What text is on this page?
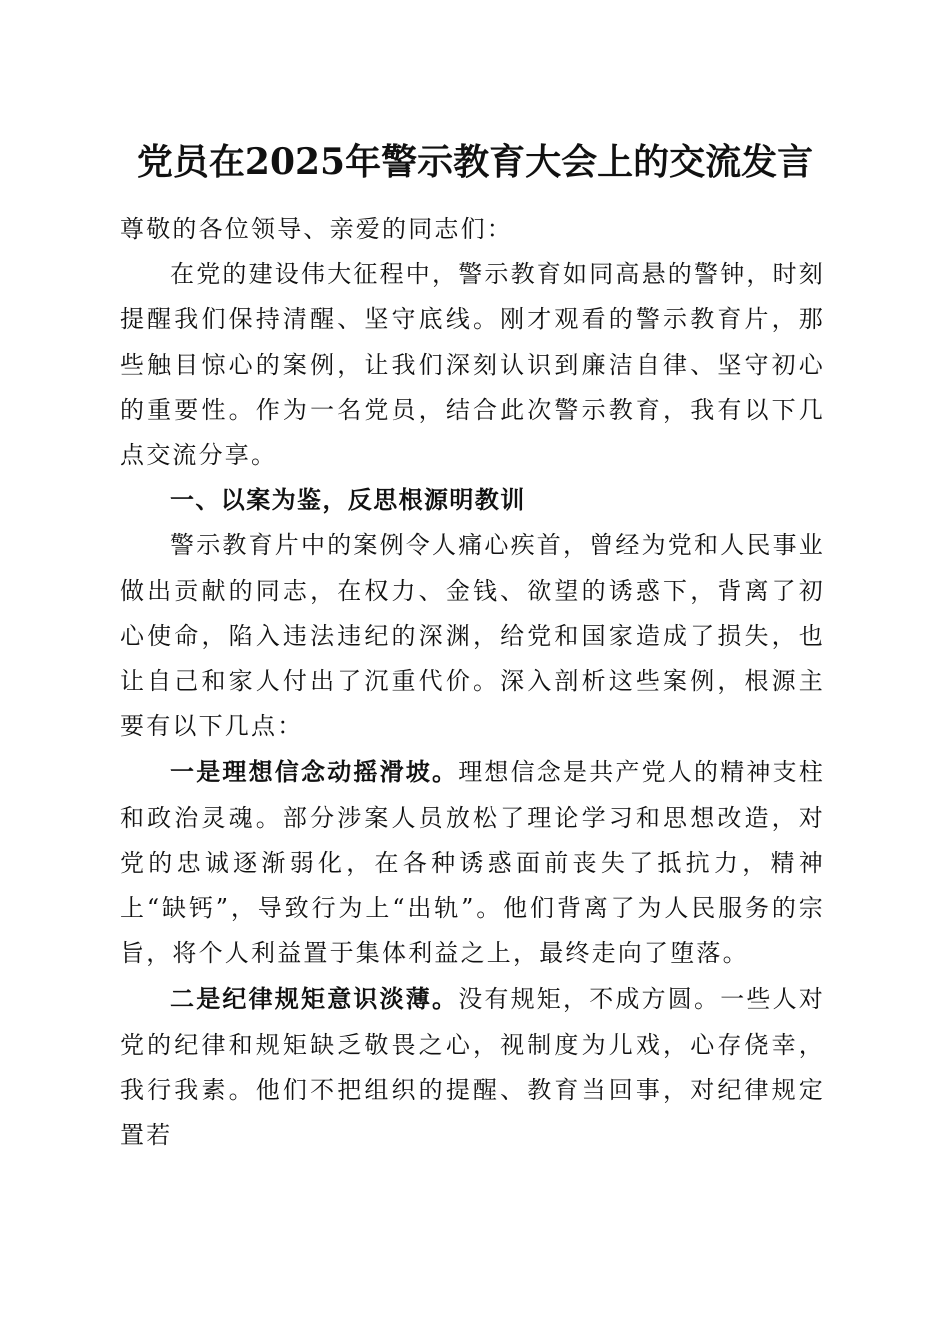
党员在2025年警示教育大会上的交流发言

尊敬的各位领导、亲爱的同志们：

在党的建设伟大征程中，警示教育如同高悬的警钟，时刻提醒我们保持清醒、坚守底线。刚才观看的警示教育片，那些触目惊心的案例，让我们深刻认识到廉洁自律、坚守初心的重要性。作为一名党员，结合此次警示教育，我有以下几点交流分享。

一、以案为鉴，反思根源明教训

警示教育片中的案例令人痛心疾首，曾经为党和人民事业做出贡献的同志，在权力、金钱、欲望的诱惑下，背离了初心使命，陷入违法违纪的深渊，给党和国家造成了损失，也让自己和家人付出了沉重代价。深入剖析这些案例，根源主要有以下几点：

一是理想信念动摇滑坡。理想信念是共产党人的精神支柱和政治灵魂。部分涉案人员放松了理论学习和思想改造，对党的忠诚逐渐弱化，在各种诱惑面前丧失了抵抗力，精神上“缺钙”，导致行为上“出轨”。他们背离了为人民服务的宗旨，将个人利益置于集体利益之上，最终走向了堕落。

二是纪律规矩意识淡薄。没有规矩，不成方圆。一些人对党的纪律和规矩缺乏敬畏之心，视制度为儿戏，心存侥幸，我行我素。他们不把组织的提醒、教育当回事，对纪律规定置若
